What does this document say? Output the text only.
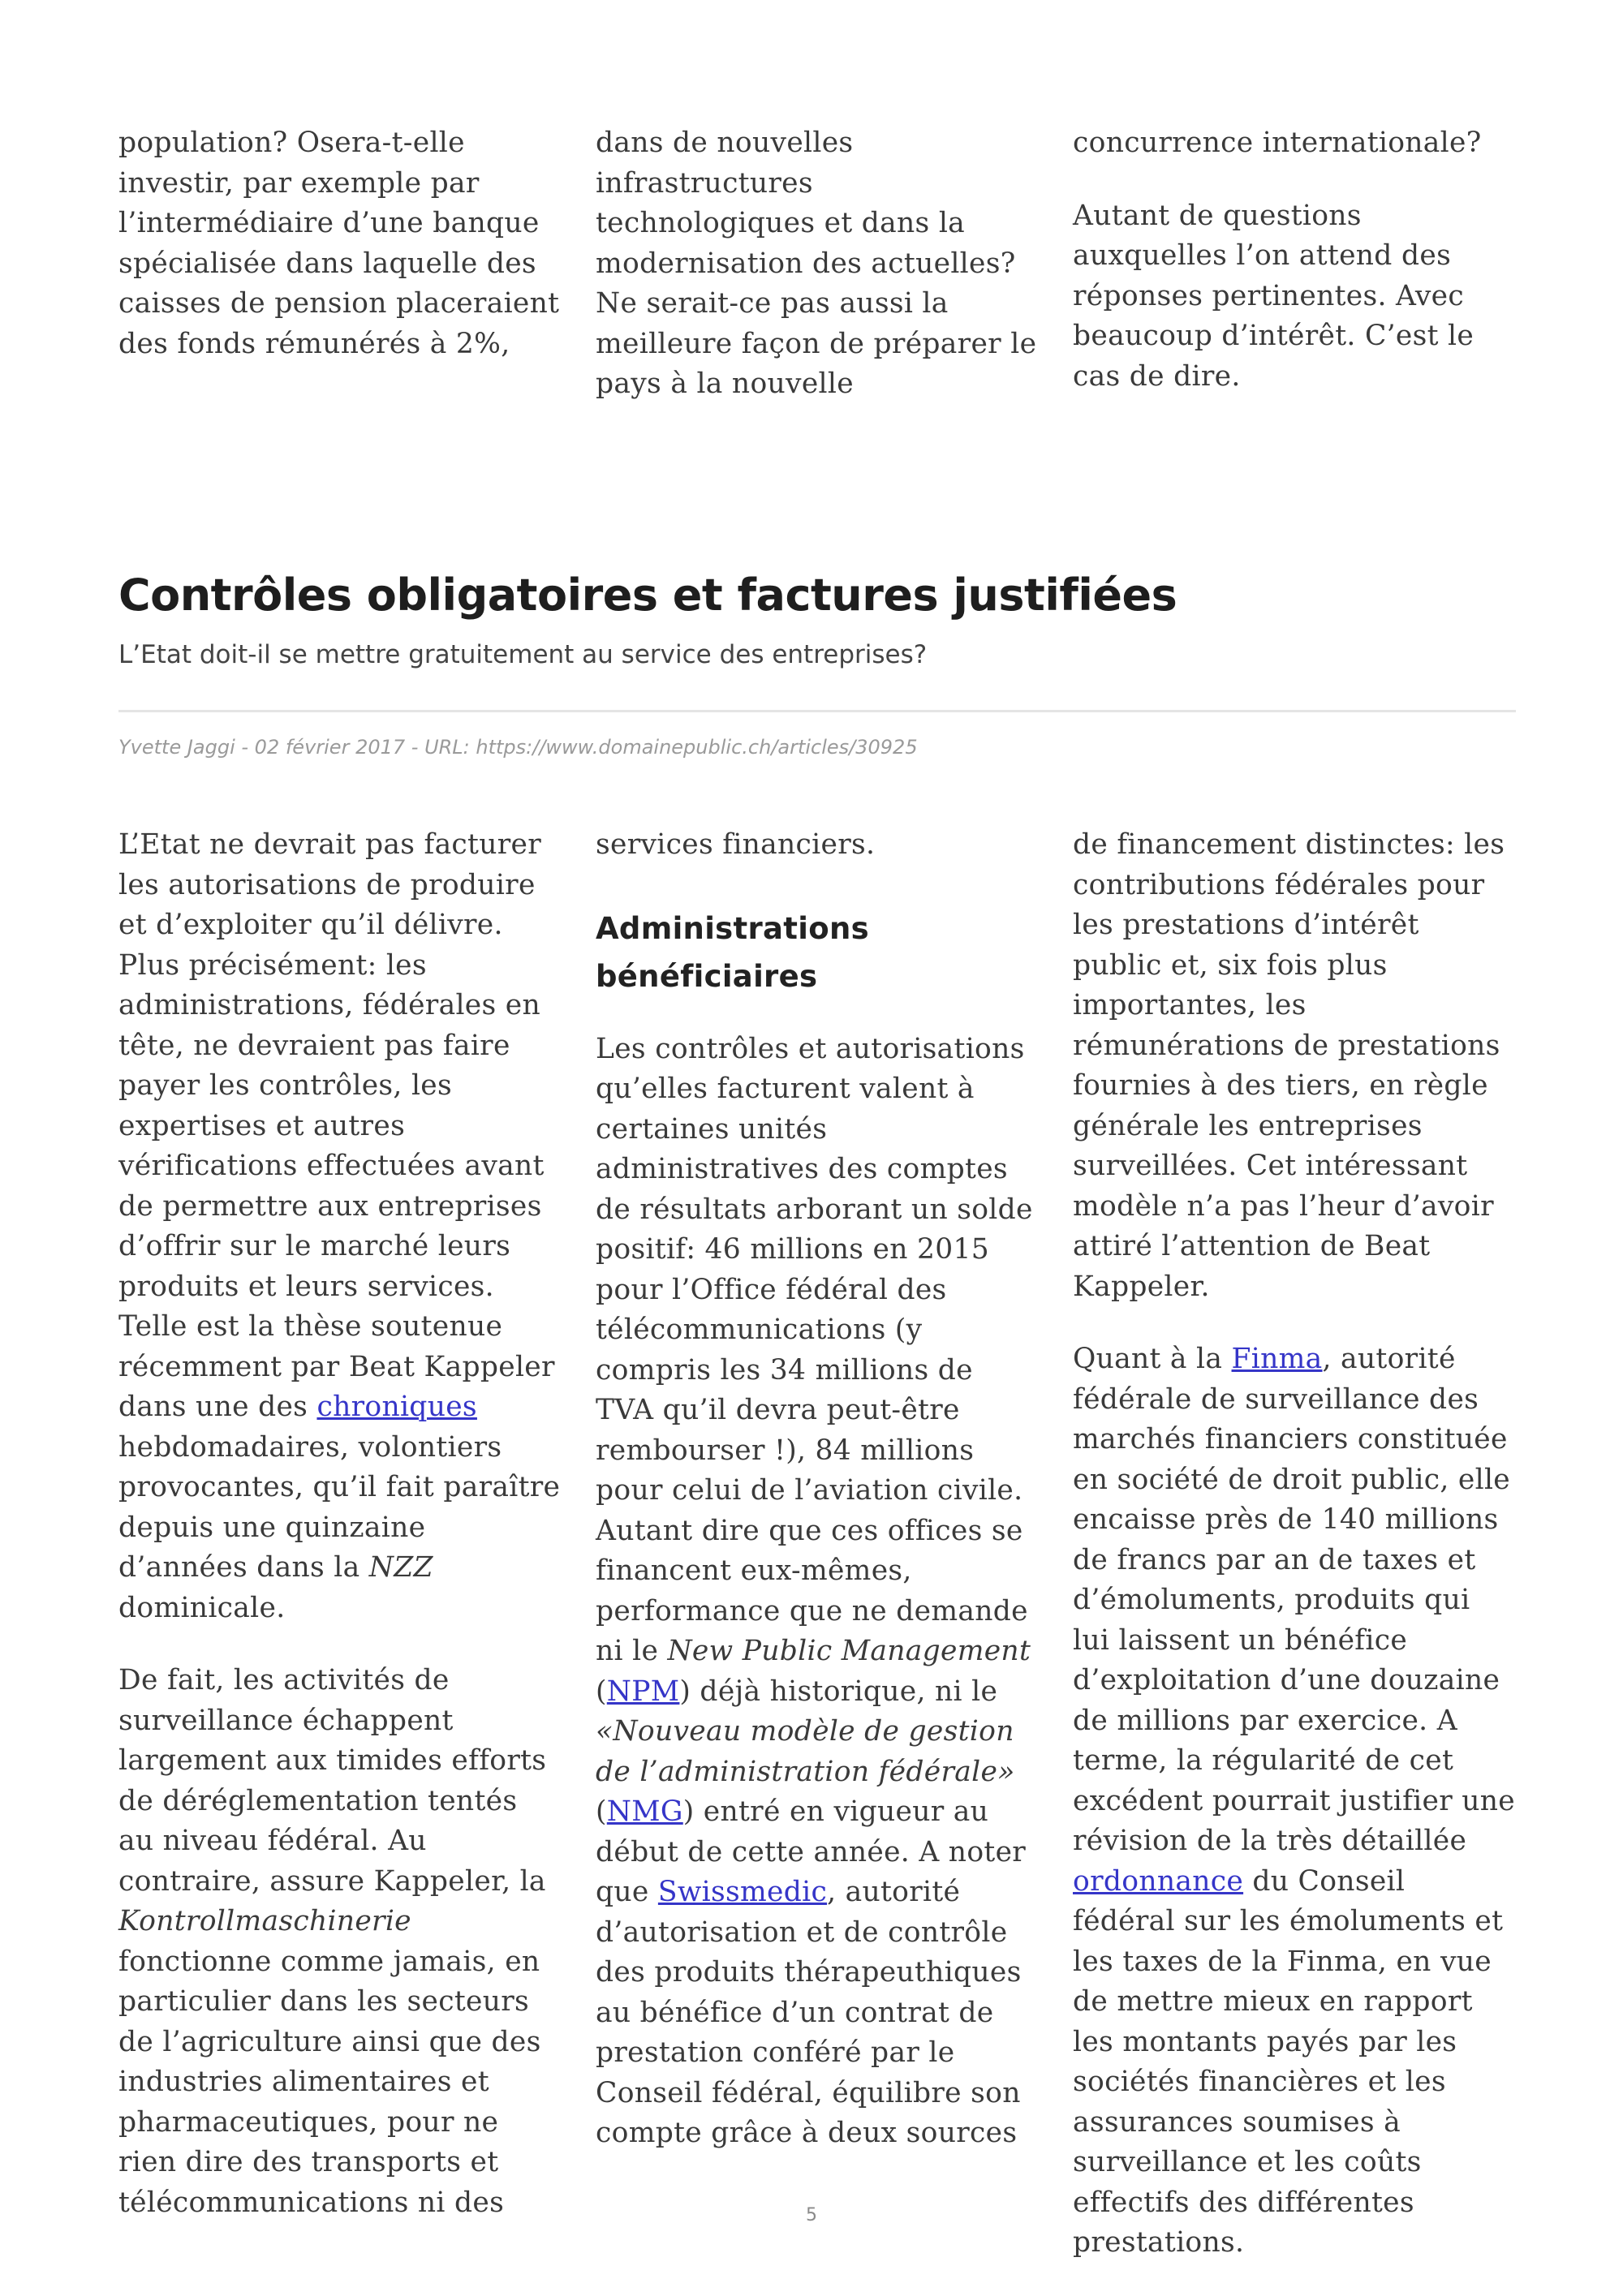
population? Osera-t-elle investir, par exemple par l’intermédiaire d’une banque spécialisée dans laquelle des caisses de pension placeraient des fonds rémunérés à 2%,

dans de nouvelles infrastructures technologiques et dans la modernisation des actuelles? Ne serait-ce pas aussi la meilleure façon de préparer le pays à la nouvelle

concurrence internationale?

Autant de questions auxquelles l’on attend des réponses pertinentes. Avec beaucoup d’intérêt. C’est le cas de dire.

Contrôles obligatoires et factures justifiées
L’Etat doit-il se mettre gratuitement au service des entreprises?
Yvette Jaggi - 02 février 2017 - URL: https://www.domainepublic.ch/articles/30925

L’Etat ne devrait pas facturer les autorisations de produire et d’exploiter qu’il délivre. Plus précisément: les administrations, fédérales en tête, ne devraient pas faire payer les contrôles, les expertises et autres vérifications effectuées avant de permettre aux entreprises d’offrir sur le marché leurs produits et leurs services. Telle est la thèse soutenue récemment par Beat Kappeler dans une des chroniques hebdomadaires, volontiers provocantes, qu’il fait paraître depuis une quinzaine d’années dans la NZZ dominicale.

De fait, les activités de surveillance échappent largement aux timides efforts de déréglementation tentés au niveau fédéral. Au contraire, assure Kappeler, la Kontrollmaschinerie fonctionne comme jamais, en particulier dans les secteurs de l’agriculture ainsi que des industries alimentaires et pharmaceutiques, pour ne rien dire des transports et télécommunications ni des

services financiers.

Administrations bénéficiaires

Les contrôles et autorisations qu’elles facturent valent à certaines unités administratives des comptes de résultats arborant un solde positif: 46 millions en 2015 pour l’Office fédéral des télécommunications (y compris les 34 millions de TVA qu’il devra peut-être rembourser !), 84 millions pour celui de l’aviation civile. Autant dire que ces offices se financent eux-mêmes, performance que ne demande ni le New Public Management (NPM) déjà historique, ni le «Nouveau modèle de gestion de l’administration fédérale» (NMG) entré en vigueur au début de cette année. A noter que Swissmedic, autorité d’autorisation et de contrôle des produits thérapeuthiques au bénéfice d’un contrat de prestation conféré par le Conseil fédéral, équilibre son compte grâce à deux sources

de financement distinctes: les contributions fédérales pour les prestations d’intérêt public et, six fois plus importantes, les rémunérations de prestations fournies à des tiers, en règle générale les entreprises surveillées. Cet intéressant modèle n’a pas l’heur d’avoir attiré l’attention de Beat Kappeler.

Quant à la Finma, autorité fédérale de surveillance des marchés financiers constituée en société de droit public, elle encaisse près de 140 millions de francs par an de taxes et d’émoluments, produits qui lui laissent un bénéfice d’exploitation d’une douzaine de millions par exercice. A terme, la régularité de cet excédent pourrait justifier une révision de la très détaillée ordonnance du Conseil fédéral sur les émoluments et les taxes de la Finma, en vue de mettre mieux en rapport les montants payés par les sociétés financières et les assurances soumises à surveillance et les coûts effectifs des différentes prestations.

5
